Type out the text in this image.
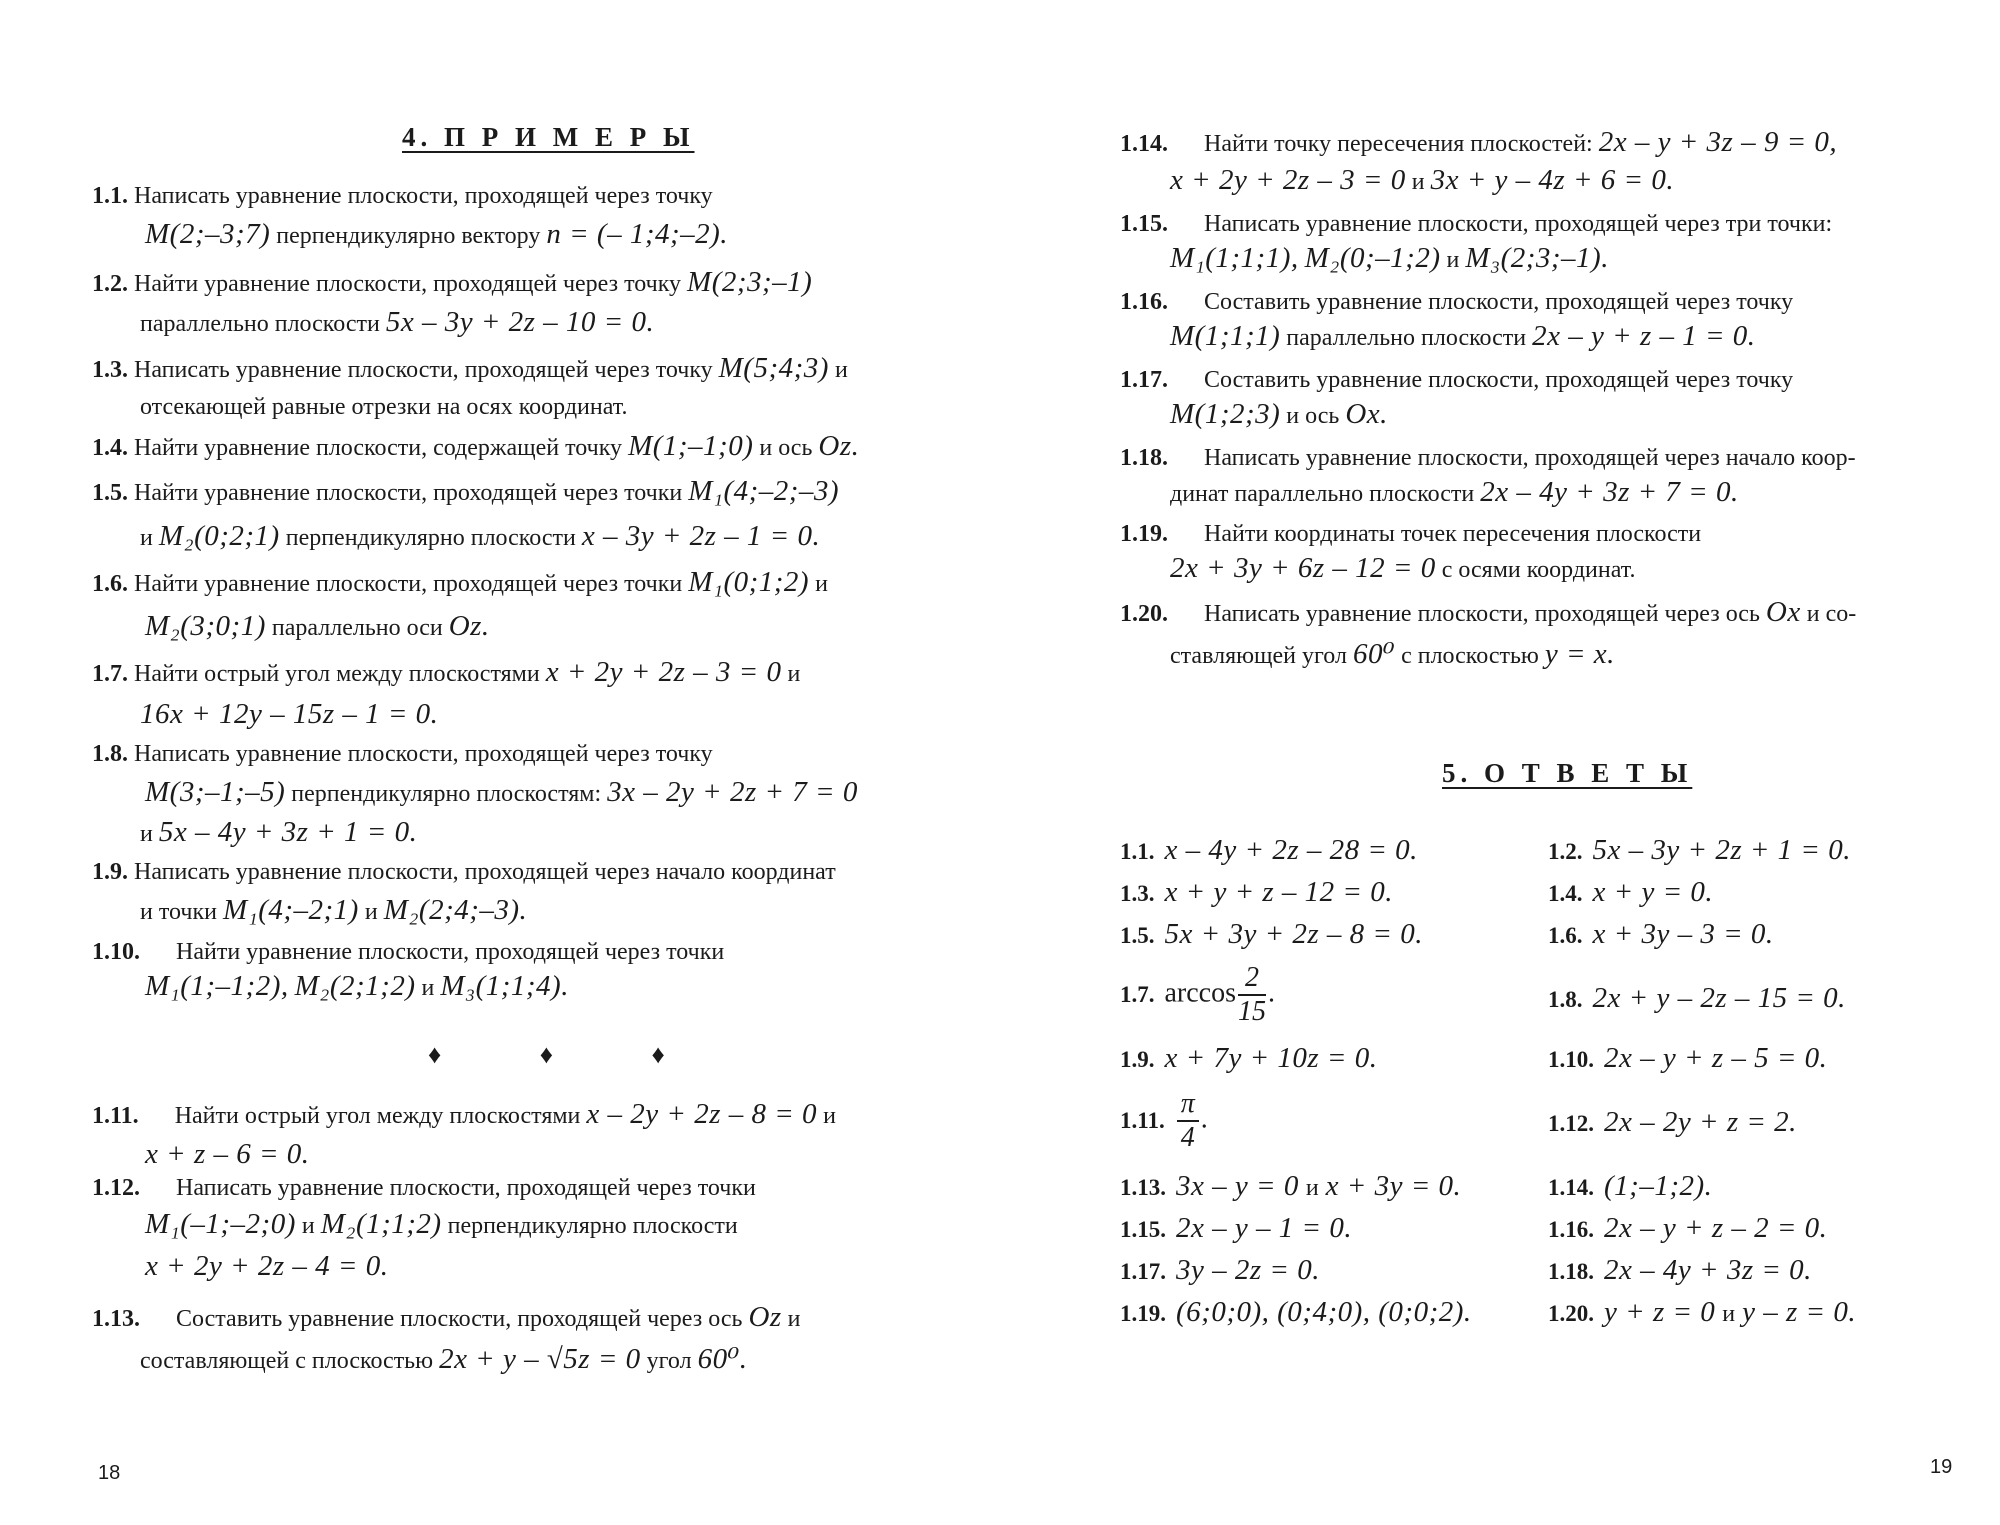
4. П Р И М Е Р Ы
1.1. Написать уравнение плоскости, проходящей через точку
M(2;–3;7) перпендикулярно вектору n = (– 1;4;–2).
1.2. Найти уравнение плоскости, проходящей через точку M(2;3;–1)
параллельно плоскости 5x – 3y + 2z – 10 = 0.
1.3. Написать уравнение плоскости, проходящей через точку M(5;4;3) и
отсекающей равные отрезки на осях координат.
1.4. Найти уравнение плоскости, содержащей точку M(1;–1;0) и ось Oz.
1.5. Найти уравнение плоскости, проходящей через точки M₁(4;–2;–3)
и M₂(0;2;1) перпендикулярно плоскости x – 3y + 2z – 1 = 0.
1.6. Найти уравнение плоскости, проходящей через точки M₁(0;1;2) и
M₂(3;0;1) параллельно оси Oz.
1.7. Найти острый угол между плоскостями x + 2y + 2z – 3 = 0 и
16x + 12y – 15z – 1 = 0.
1.8. Написать уравнение плоскости, проходящей через точку
M(3;–1;–5) перпендикулярно плоскостям: 3x – 2y + 2z + 7 = 0
и 5x – 4y + 3z + 1 = 0.
1.9. Написать уравнение плоскости, проходящей через начало координат
и точки M₁(4;–2;1) и M₂(2;4;–3).
1.10. Найти уравнение плоскости, проходящей через точки
M₁(1;–1;2), M₂(2;1;2) и M₃(1;1;4).
♦ ♦ ♦
1.11. Найти острый угол между плоскостями x – 2y + 2z – 8 = 0 и
x + z – 6 = 0.
1.12. Написать уравнение плоскости, проходящей через точки
M₁(–1;–2;0) и M₂(1;1;2) перпендикулярно плоскости
x + 2y + 2z – 4 = 0.
1.13. Составить уравнение плоскости, проходящей через ось Oz и
составляющей с плоскостью 2x + y – √5z = 0 угол 60⁰.
18
1.14. Найти точку пересечения плоскостей: 2x – y + 3z – 9 = 0,
x + 2y + 2z – 3 = 0 и 3x + y – 4z + 6 = 0.
1.15. Написать уравнение плоскости, проходящей через три точки:
M₁(1;1;1), M₂(0;–1;2) и M₃(2;3;–1).
1.16. Составить уравнение плоскости, проходящей через точку
M(1;1;1) параллельно плоскости 2x – y + z – 1 = 0.
1.17. Составить уравнение плоскости, проходящей через точку
M(1;2;3) и ось Ox.
1.18. Написать уравнение плоскости, проходящей через начало коор-
динат параллельно плоскости 2x – 4y + 3z + 7 = 0.
1.19. Найти координаты точек пересечения плоскости
2x + 3y + 6z – 12 = 0 с осями координат.
1.20. Написать уравнение плоскости, проходящей через ось Ox и со-
ставляющей угол 60⁰ с плоскостью y = x.
5. О Т В Е Т Ы
1.1. x – 4y + 2z – 28 = 0.
1.3. x + y + z – 12 = 0.
1.5. 5x + 3y + 2z – 8 = 0.
1.7. $\arccos \frac{2}{15}$ .
1.9. x + 7y + 10z = 0.
1.11. $\frac{\pi}{4}$ .
1.13. 3x – y = 0 и x + 3y = 0.
1.15. 2x – y – 1 = 0.
1.17. 3y – 2z = 0.
1.19. (6;0;0), (0;4;0), (0;0;2).
1.2. 5x – 3y + 2z + 1 = 0.
1.4. x + y = 0.
1.6. x + 3y – 3 = 0.
1.8. 2x + y – 2z – 15 = 0.
1.10. 2x – y + z – 5 = 0.
1.12. 2x – 2y + z = 2.
1.14. (1;–1;2).
1.16. 2x – y + z – 2 = 0.
1.18. 2x – 4y + 3z = 0.
1.20. y + z = 0 и y – z = 0.
19
